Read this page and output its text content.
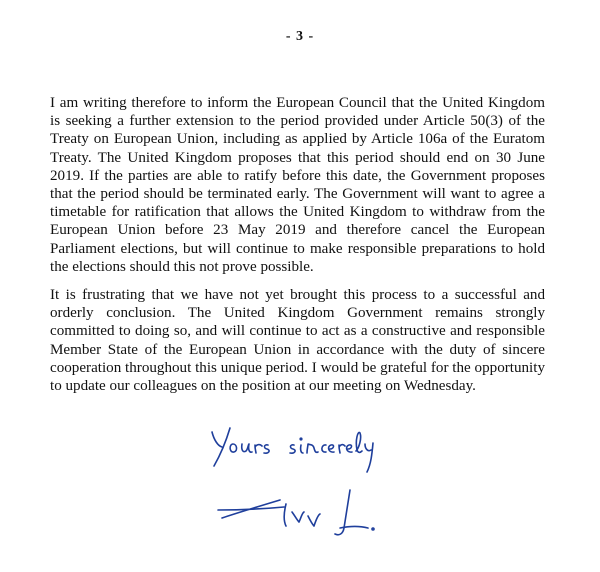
- 3 -

I am writing therefore to inform the European Council that the United Kingdom is seeking a further extension to the period provided under Article 50(3) of the Treaty on European Union, including as applied by Article 106a of the Euratom Treaty. The United Kingdom proposes that this period should end on 30 June 2019. If the parties are able to ratify before this date, the Government proposes that the period should be terminated early. The Government will want to agree a timetable for ratification that allows the United Kingdom to withdraw from the European Union before 23 May 2019 and therefore cancel the European Parliament elections, but will continue to make responsible preparations to hold the elections should this not prove possible.

It is frustrating that we have not yet brought this process to a successful and orderly conclusion. The United Kingdom Government remains strongly committed to doing so, and will continue to act as a constructive and responsible Member State of the European Union in accordance with the duty of sincere cooperation throughout this unique period. I would be grateful for the opportunity to update our colleagues on the position at our meeting on Wednesday.
